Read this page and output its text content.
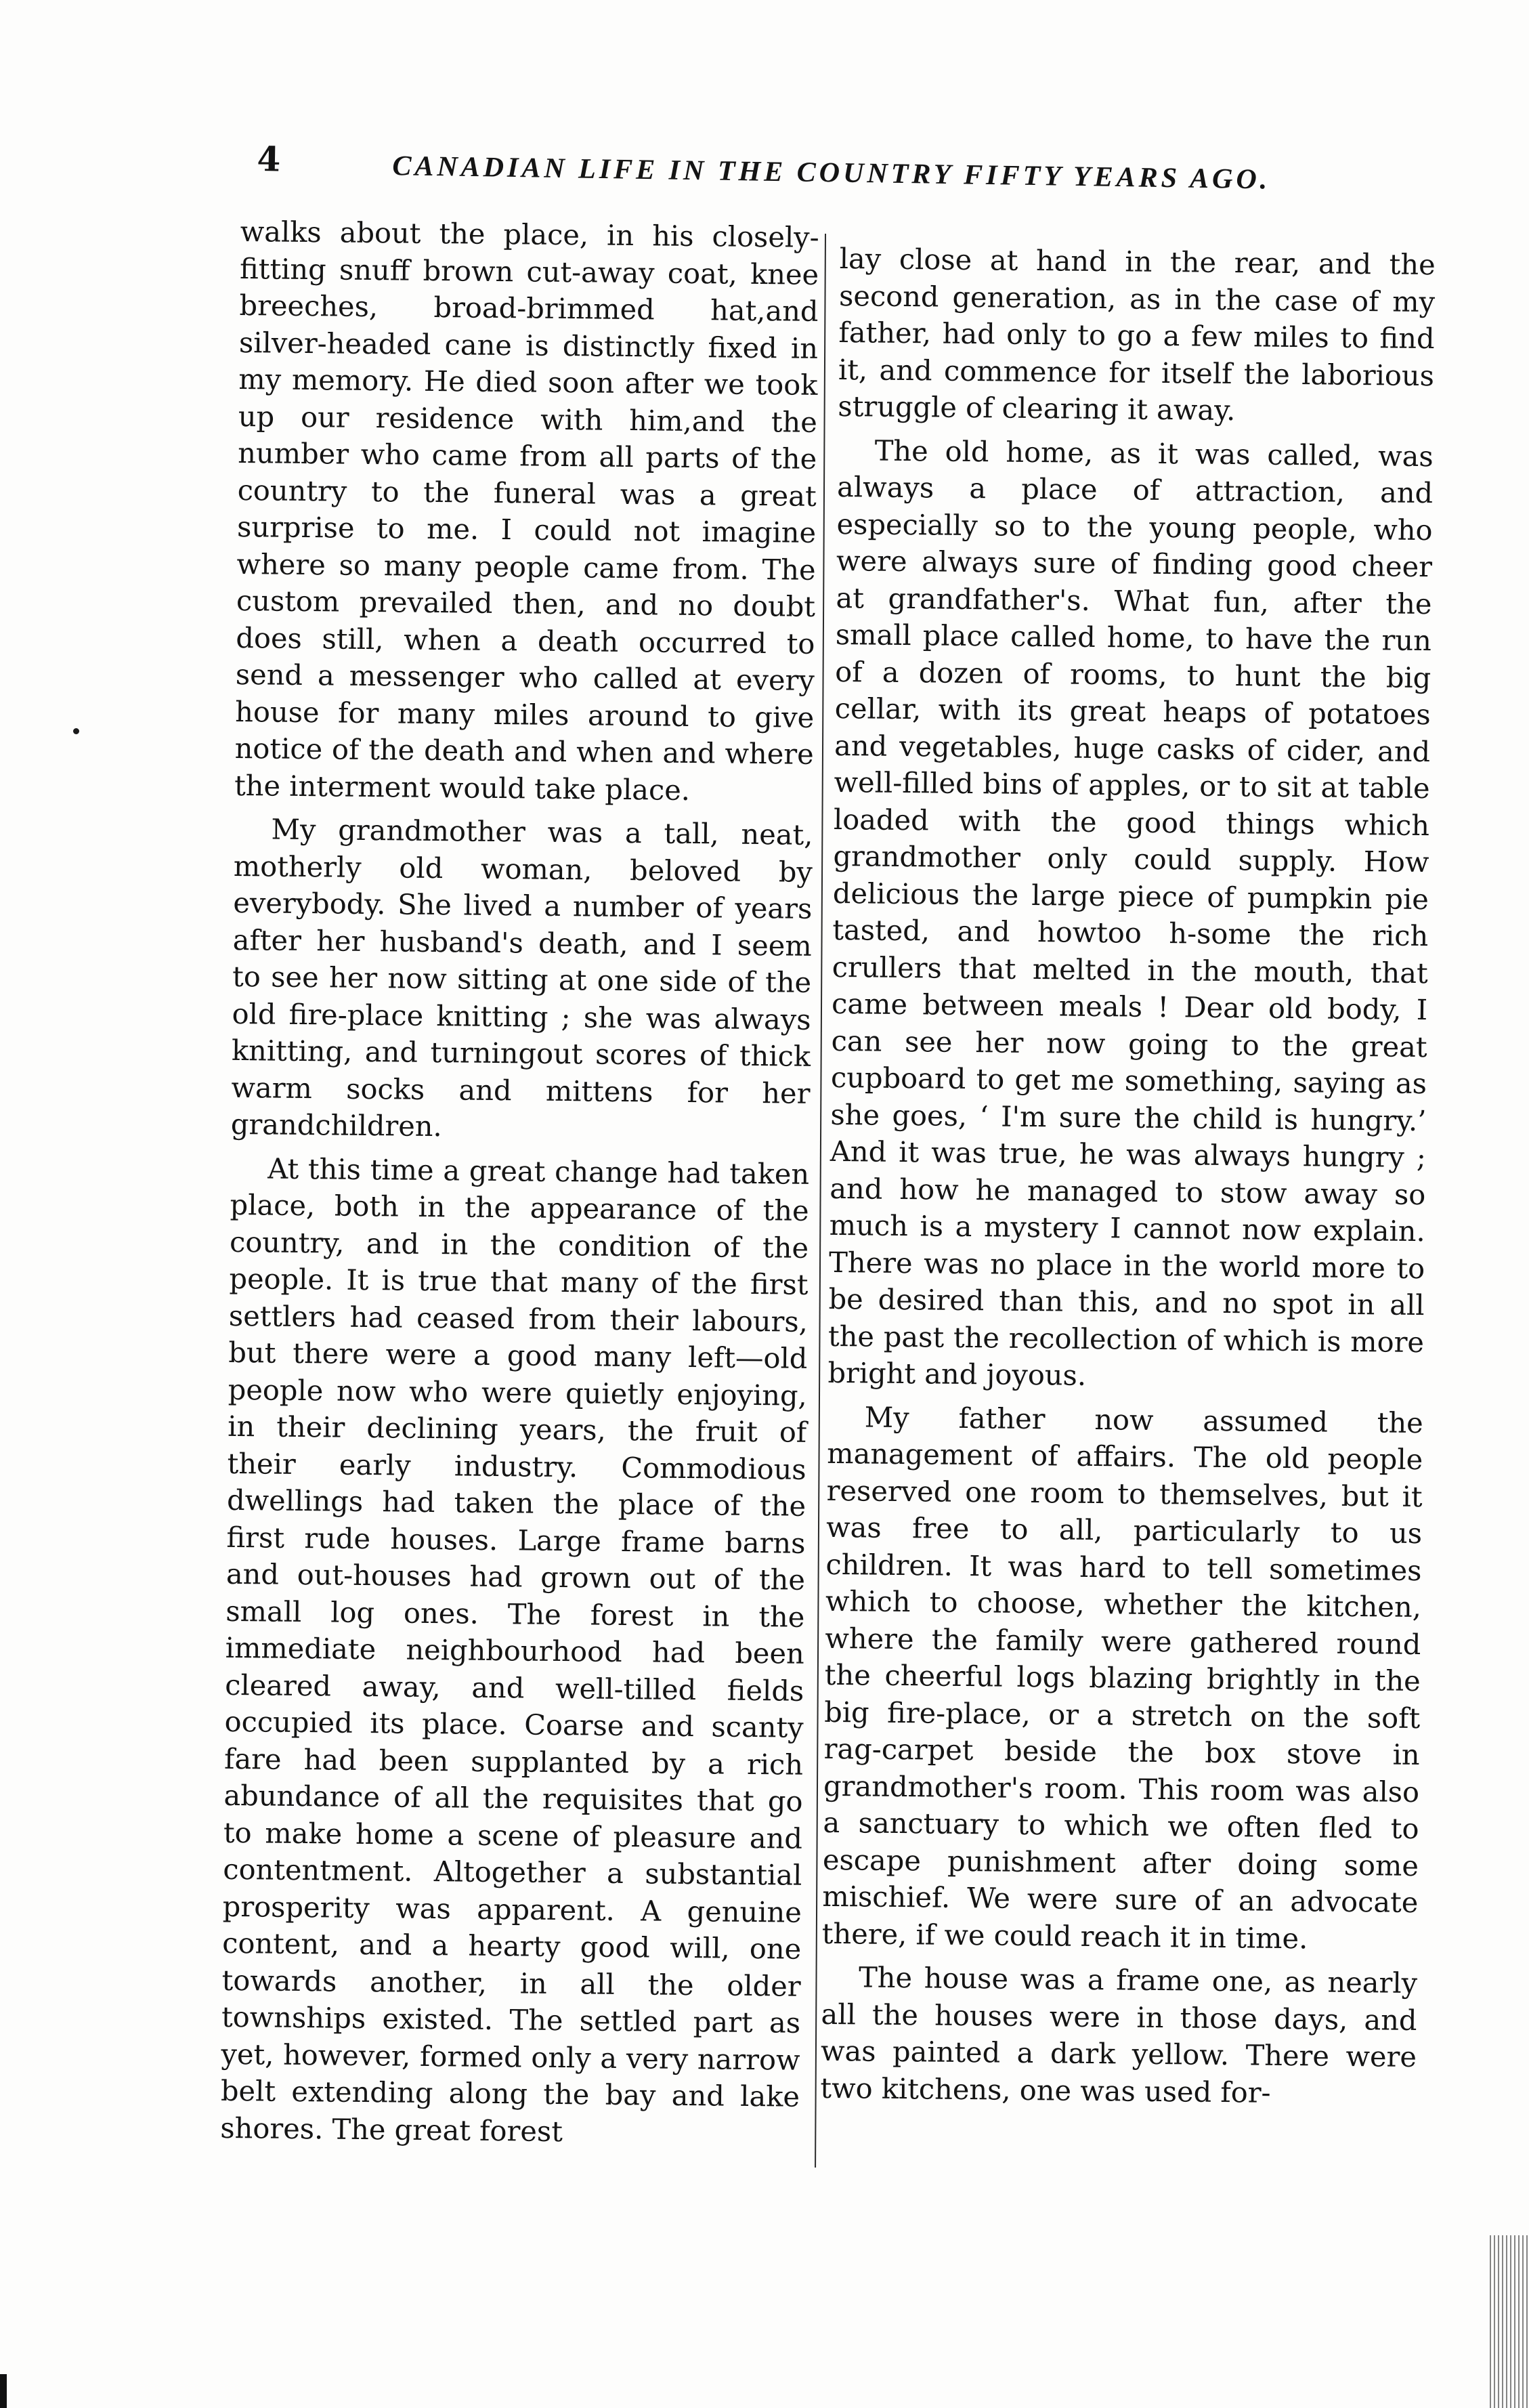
4	CANADIAN LIFE IN THE COUNTRY FIFTY YEARS AGO.

walks about the place, in his closely-fitting snuff brown cut-away coat, knee breeches, broad-brimmed hat,and silver-headed cane is distinctly fixed in my memory. He died soon after we took up our residence with him,and the number who came from all parts of the country to the funeral was a great surprise to me. I could not imagine where so many people came from. The custom prevailed then, and no doubt does still, when a death occurred to send a messenger who called at every house for many miles around to give notice of the death and when and where the interment would take place.

My grandmother was a tall, neat, motherly old woman, beloved by everybody. She lived a number of years after her husband's death, and I seem to see her now sitting at one side of the old fire-place knitting ; she was always knitting, and turningout scores of thick warm socks and mittens for her grandchildren.

At this time a great change had taken place, both in the appearance of the country, and in the condition of the people. It is true that many of the first settlers had ceased from their labours, but there were a good many left—old people now who were quietly enjoying, in their declining years, the fruit of their early industry. Commodious dwellings had taken the place of the first rude houses. Large frame barns and out-houses had grown out of the small log ones. The forest in the immediate neighbourhood had been cleared away, and well-tilled fields occupied its place. Coarse and scanty fare had been supplanted by a rich abundance of all the requisites that go to make home a scene of pleasure and contentment. Altogether a substantial prosperity was apparent. A genuine content, and a hearty good will, one towards another, in all the older townships existed. The settled part as yet, however, formed only a very narrow belt extending along the bay and lake shores. The great forest

lay close at hand in the rear, and the second generation, as in the case of my father, had only to go a few miles to find it, and commence for itself the laborious struggle of clearing it away.

The old home, as it was called, was always a place of attraction, and especially so to the young people, who were always sure of finding good cheer at grandfather's. What fun, after the small place called home, to have the run of a dozen of rooms, to hunt the big cellar, with its great heaps of potatoes and vegetables, huge casks of cider, and well-filled bins of apples, or to sit at table loaded with the good things which grandmother only could supply. How delicious the large piece of pumpkin pie tasted, and howtoo h-some the rich crullers that melted in the mouth, that came between meals ! Dear old body, I can see her now going to the great cupboard to get me something, saying as she goes, ‘ I'm sure the child is hungry.’ And it was true, he was always hungry ; and how he managed to stow away so much is a mystery I cannot now explain. There was no place in the world more to be desired than this, and no spot in all the past the recollection of which is more bright and joyous.

My father now assumed the management of affairs. The old people reserved one room to themselves, but it was free to all, particularly to us children. It was hard to tell sometimes which to choose, whether the kitchen, where the family were gathered round the cheerful logs blazing brightly in the big fire-place, or a stretch on the soft rag-carpet beside the box stove in grandmother's room. This room was also a sanctuary to which we often fled to escape punishment after doing some mischief. We were sure of an advocate there, if we could reach it in time.

The house was a frame one, as nearly all the houses were in those days, and was painted a dark yellow. There were two kitchens, one was used for-
